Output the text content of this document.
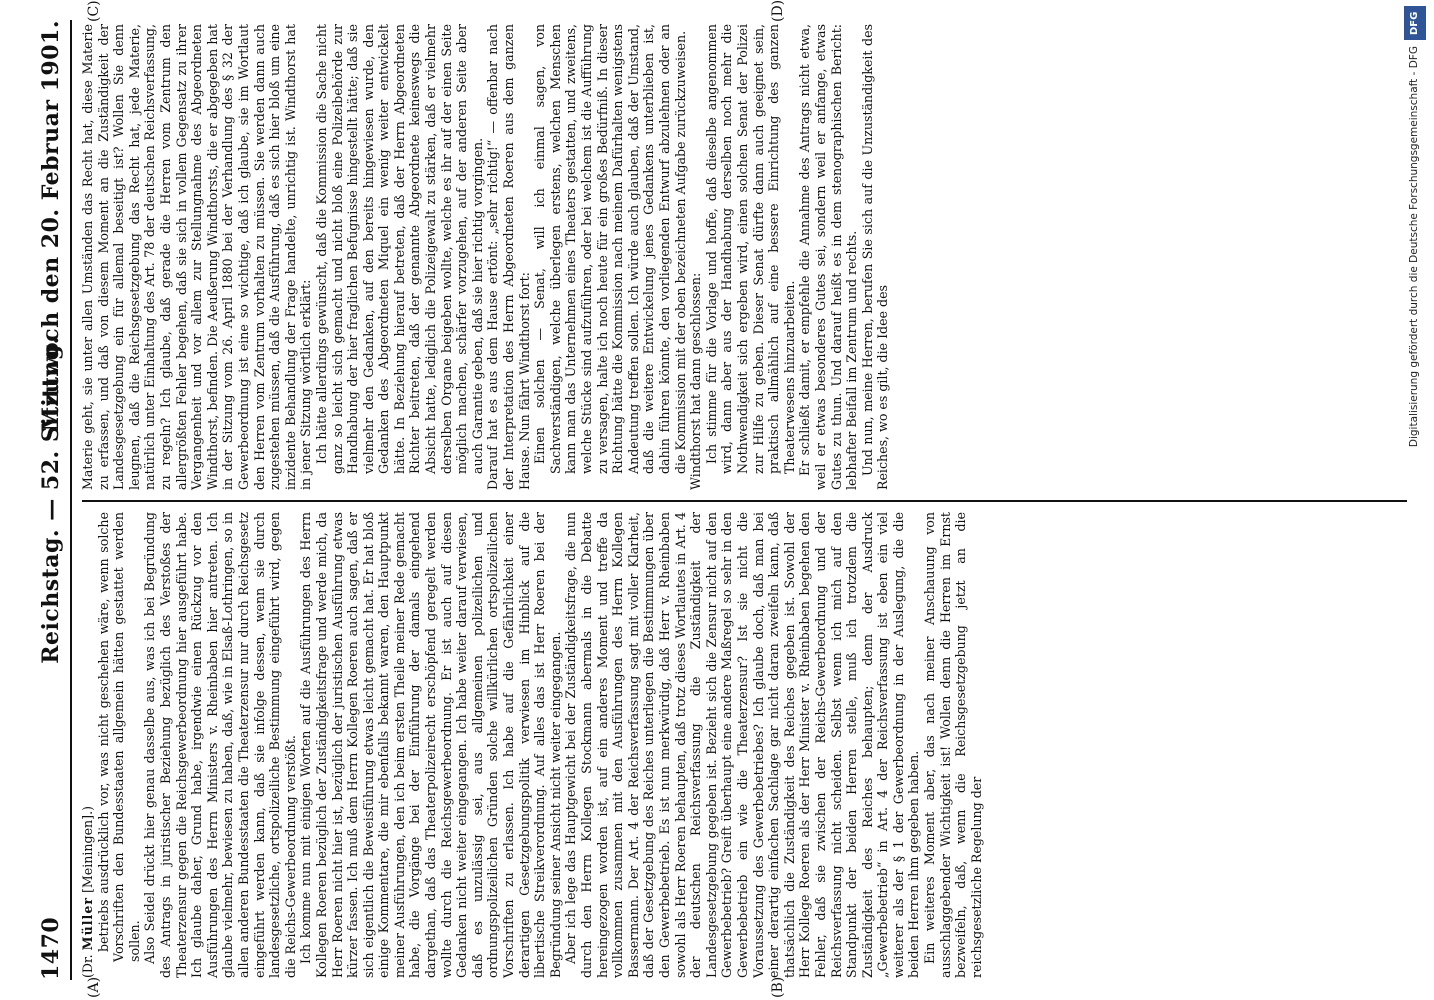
1470
Reichstag. — 52. Sitzung.
Mittwoch den 20. Februar 1901.
(A)	(B)
(C)	(D)

(Dr. Müller [Meiningen].) betriebs ausdrücklich vor, was nicht geschehen wäre, wenn solche Vorschriften den Bundesstaaten allgemein hätten gestattet werden sollen. Also Seidel drückt hier genau dasselbe aus, was ich bei Begründung des Antrags in juristischer Beziehung bezüglich des Verstoßes der Theaterzensur gegen die Reichsgewerbeordnung hier ausgeführt habe. Ich glaube daher, Grund habe, irgendwie einen Rückzug vor den Ausführungen des Herrn Ministers v. Rheinbaben hier antreten. Ich glaube vielmehr, bewiesen zu haben, daß, wie in Elsaß-Lothringen, so in allen anderen Bundesstaaten die Theaterzensur nur durch Reichsgesetz eingeführt werden kann, daß sie infolge dessen, wenn sie durch landesgesetzliche, ortspolizeiliche Bestimmung eingeführt wird, gegen die Reichs-Gewerbeordnung verstößt. Ich komme nun mit einigen Worten auf die Ausführungen des Herrn Kollegen Roeren bezüglich der Zuständigkeitsfrage und werde mich, da Herr Roeren nicht hier ist, bezüglich der juristischen Ausführung etwas kürzer fassen. Ich muß dem Herrn Kollegen Roeren auch sagen, daß er sich eigentlich die Beweisführung etwas leicht gemacht hat. Er hat bloß einige Kommentare, die mir ebenfalls bekannt waren, den Hauptpunkt meiner Ausführungen, den ich beim ersten Theile meiner Rede gemacht habe, die Vorgänge bei der Einführung der damals eingehend dargethan, daß das Theaterpolizeirecht erschöpfend geregelt werden wollte durch die Reichsgewerbeordnung. Er ist auch auf diesen Gedanken nicht weiter eingegangen. Ich habe weiter darauf verwiesen, daß es unzulässig sei, aus allgemeinen polizeilichen und ordnungspolizeilichen Gründen solche willkürlichen ortspolizeilichen Vorschriften zu erlassen. Ich habe auf die Gefährlichkeit einer derartigen Gesetzgebungspolitik verwiesen im Hinblick auf die libertische Streikverordnung. Auf alles das ist Herr Roeren bei der Begründung seiner Ansicht nicht weiter eingegangen. Aber ich lege das Hauptgewicht bei der Zuständigkeitsfrage, die nun durch den Herrn Kollegen Stockmann abermals in die Debatte hereingezogen worden ist, auf ein anderes Moment und treffe da vollkommen zusammen mit den Ausführungen des Herrn Kollegen Bassermann. Der Art. 4 der Reichsverfassung sagt mit voller Klarheit, daß der Gesetzgebung des Reiches unterliegen die Bestimmungen über den Gewerbebetrieb. Es ist nun merkwürdig, daß Herr v. Rheinbaben sowohl als Herr Roeren behaupten, daß trotz dieses Wortlautes in Art. 4 der deutschen Reichsverfassung die Zuständigkeit der Landesgesetzgebung gegeben ist. Bezieht sich die Zensur nicht auf den Gewerbebetrieb? Greift überhaupt eine andere Maßregel so sehr in den Gewerbebetrieb ein wie die Theaterzensur? Ist sie nicht die Voraussetzung des Gewerbebetriebes? Ich glaube doch, daß man bei einer derartig einfachen Sachlage gar nicht daran zweifeln kann, daß thatsächlich die Zuständigkeit des Reiches gegeben ist. Sowohl der Herr Kollege Roeren als der Herr Minister v. Rheinbaben begehen den Fehler, daß sie zwischen der Reichs-Gewerbeordnung und der Reichsverfassung nicht scheiden. Selbst wenn ich mich auf den Standpunkt der beiden Herren stelle, muß ich trotzdem die Zuständigkeit des Reiches behaupten; denn der Ausdruck „Gewerbebetrieb“ in Art. 4 der Reichsverfassung ist eben ein viel weiterer als der § 1 der Gewerbeordnung in der Auslegung, die die beiden Herren ihm gegeben haben. Ein weiteres Moment aber, das nach meiner Anschauung von ausschlaggebender Wichtigkeit ist! Wollen denn die Herren im Ernst bezweifeln, daß, wenn die Reichsgesetzgebung jetzt an die reichsgesetzliche Regelung der

Materie geht, sie unter allen Umständen das Recht hat, diese Materie zu erfassen, und daß von diesem Moment an die Zuständigkeit der Landesgesetzgebung ein für allemal beseitigt ist? Wollen Sie denn leugnen, daß die Reichsgesetzgebung das Recht hat, jede Materie, natürlich unter Einhaltung des Art. 78 der deutschen Reichsverfassung, zu regeln? Ich glaube, daß gerade die Herren vom Zentrum den allergrößten Fehler begehen, daß sie sich in vollem Gegensatz zu ihrer Vergangenheit und vor allem zur Stellungnahme des Abgeordneten Windthorst, befinden. Die Aeußerung Windthorsts, die er abgegeben hat in der Sitzung vom 26. April 1880 bei der Verhandlung des § 32 der Gewerbeordnung ist eine so wichtige, daß ich glaube, sie im Wortlaut den Herren vom Zentrum vorhalten zu müssen. Sie werden dann auch zugestehen müssen, daß die Ausführung, daß es sich hier bloß um eine inzidente Behandlung der Frage handelte, unrichtig ist. Windthorst hat in jener Sitzung wörtlich erklärt: Ich hätte allerdings gewünscht, daß die Kommission die Sache nicht ganz so leicht sich gemacht und nicht bloß eine Polizeibehörde zur Handhabung der hier fraglichen Befugnisse hingestellt hätte; daß sie vielmehr den Gedanken, auf den bereits hingewiesen wurde, den Gedanken des Abgeordneten Miquel ein wenig weiter entwickelt hätte. In Beziehung hierauf betreten, daß der Herrn Abgeordneten Richter beitreten, daß der genannte Abgeordnete keineswegs die Absicht hatte, lediglich die Polizeigewalt zu stärken, daß er vielmehr derselben Organe beigeben wollte, welche es ihr auf der einen Seite möglich machen, schärfer vorzugehen, auf der anderen Seite aber auch Garantie geben, daß sie hier richtig vorgingen. Darauf hat es aus dem Hause ertönt: „sehr richtig!“ — offenbar nach der Interpretation des Herrn Abgeordneten Roeren aus dem ganzen Hause. Nun fährt Windthorst fort: Einen solchen — Senat, will ich einmal sagen, von Sachverständigen, welche überlegen erstens, welchen Menschen kann man das Unternehmen eines Theaters gestatten, und zweitens, welche Stücke sind aufzuführen, oder bei welchem ist die Aufführung zu versagen, halte ich noch heute für ein großes Bedürfniß. In dieser Richtung hätte die Kommission nach meinem Dafürhalten wenigstens Andeutung treffen sollen. Ich würde auch glauben, daß der Umstand, daß die weitere Entwickelung jenes Gedankens unterblieben ist, dahin führen könnte, den vorliegenden Entwurf abzulehnen oder an die Kommission mit der oben bezeichneten Aufgabe zurückzuweisen. Windthorst hat dann geschlossen: Ich stimme für die Vorlage und hoffe, daß dieselbe angenommen wird, dann aber aus der Handhabung derselben noch mehr die Nothwendigkeit sich ergeben wird, einen solchen Senat der Polizei zur Hilfe zu geben. Dieser Senat dürfte dann auch geeignet sein, praktisch allmählich auf eine bessere Einrichtung des ganzen Theaterwesens hinzuarbeiten. Er schließt damit, er empfehle die Annahme des Antrags nicht etwa, weil er etwas besonderes Gutes sei, sondern weil er anfange, etwas Gutes zu thun. Und darauf heißt es in dem stenographischen Bericht: lebhafter Beifall im Zentrum und rechts. Und nun, meine Herren, berufen Sie sich auf die Unzuständigkeit des Reiches, wo es gilt, die Idee des

DFG
Digitalisierung gefördert durch die Deutsche Forschungsgemeinschaft - DFG
